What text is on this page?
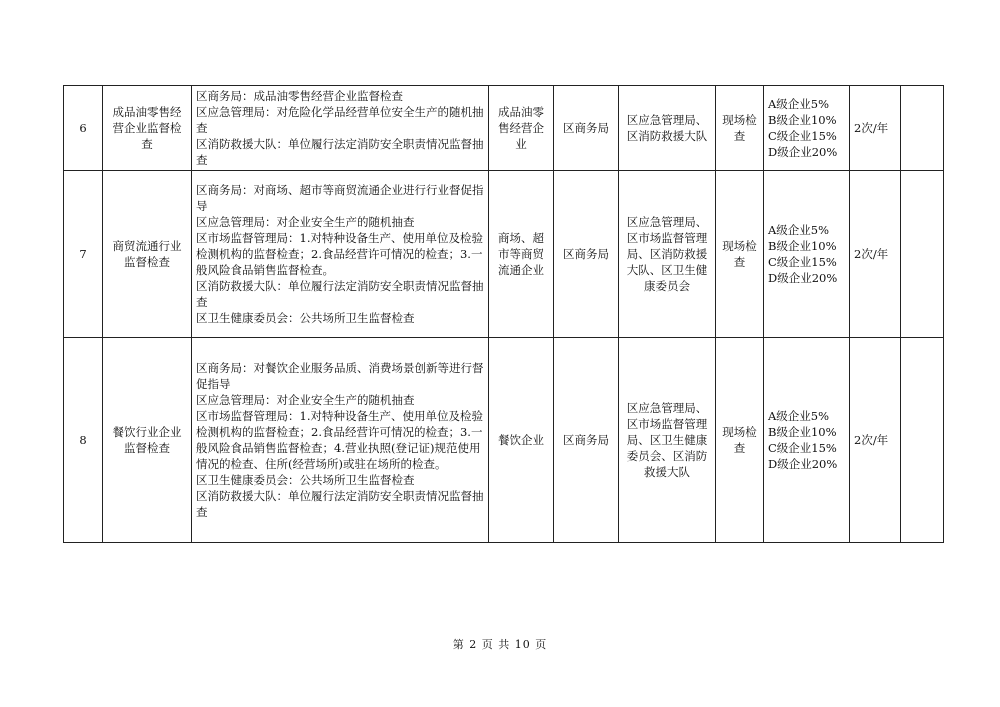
6	成品油零售经营企业监督检查	区商务局：成品油零售经营企业监督检查
区应急管理局：对危险化学品经营单位安全生产的随机抽查
区消防救援大队：单位履行法定消防安全职责情况监督抽查	成品油零售经营企业	区商务局	区应急管理局、区消防救援大队	现场检查	A级企业5%
B级企业10%
C级企业15%
D级企业20%	2次/年	
7	商贸流通行业监督检查	区商务局：对商场、超市等商贸流通企业进行行业督促指导
区应急管理局：对企业安全生产的随机抽查
区市场监督管理局：1.对特种设备生产、使用单位及检验检测机构的监督检查；2.食品经营许可情况的检查；3.一般风险食品销售监督检查。
区消防救援大队：单位履行法定消防安全职责情况监督抽查
区卫生健康委员会：公共场所卫生监督检查	商场、超市等商贸流通企业	区商务局	区应急管理局、区市场监督管理局、区消防救援大队、区卫生健康委员会	现场检查	A级企业5%
B级企业10%
C级企业15%
D级企业20%	2次/年	
8	餐饮行业企业监督检查	区商务局：对餐饮企业服务品质、消费场景创新等进行督促指导
区应急管理局：对企业安全生产的随机抽查
区市场监督管理局：1.对特种设备生产、使用单位及检验检测机构的监督检查；2.食品经营许可情况的检查；3.一般风险食品销售监督检查；4.营业执照(登记证)规范使用情况的检查、住所(经营场所)或驻在场所的检查。
区卫生健康委员会：公共场所卫生监督检查
区消防救援大队：单位履行法定消防安全职责情况监督抽查	餐饮企业	区商务局	区应急管理局、区市场监督管理局、区卫生健康委员会、区消防救援大队	现场检查	A级企业5%
B级企业10%
C级企业15%
D级企业20%	2次/年	
第 2 页 共 10 页
